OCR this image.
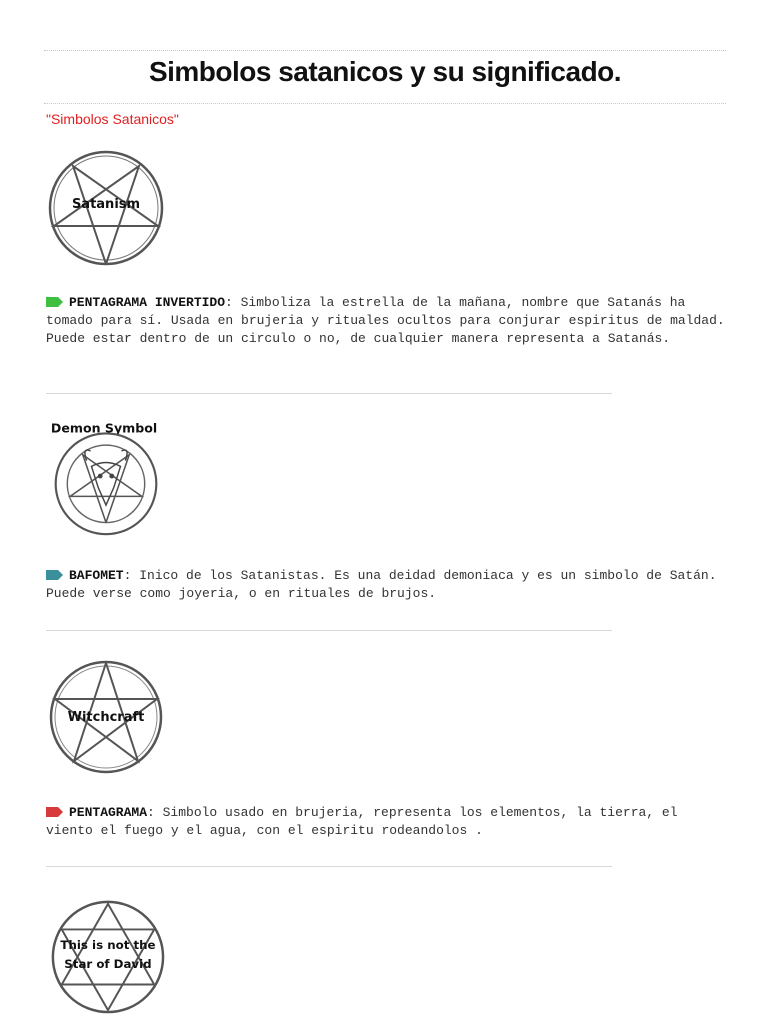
Simbolos satanicos y su significado.
"Simbolos Satanicos"
Satanism
PENTAGRAMA INVERTIDO: Simboliza la estrella de la mañana, nombre que Satanás ha tomado para sí. Usada en brujeria y rituales ocultos para conjurar espiritus de maldad. Puede estar dentro de un circulo o no, de cualquier manera representa a Satanás.
Demon Symbol
BAFOMET: Inico de los Satanistas. Es una deidad demoniaca y es un simbolo de Satán. Puede verse como joyeria, o en rituales de brujos.
Witchcraft
PENTAGRAMA: Simbolo usado en brujeria, representa los elementos, la tierra, el viento el fuego y el agua, con el espiritu rodeandolos .
This is not the
Star of David
